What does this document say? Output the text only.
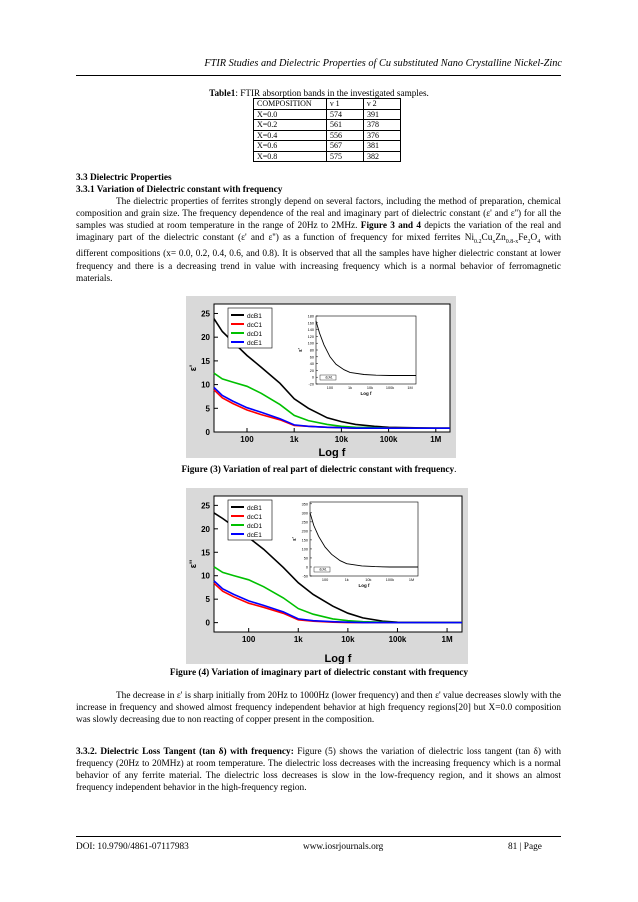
FTIR Studies and Dielectric Properties of Cu substituted Nano Crystalline Nickel-Zinc
Table1: FTIR absorption bands in the investigated samples.
COMPOSITION	ν 1	ν 2
X=0.0	574	391
X=0.2	561	378
X=0.4	556	376
X=0.6	567	381
X=0.8	575	382
3.3 Dielectric Properties
3.3.1 Variation of Dielectric constant with frequency
The dielectric properties of ferrites strongly depend on several factors, including the method of preparation, chemical composition and grain size. The frequency dependence of the real and imaginary part of dielectric constant (ε' and ε'') for all the samples was studied at room temperature in the range of 20Hz to 2MHz. Figure 3 and 4 depicts the variation of the real and imaginary part of the dielectric constant (ε' and ε'') as a function of frequency for mixed ferrites $Ni_{0.2}Cu_xZn_{0.8-x}Fe_2O_4$ with different compositions (x= 0.0, 0.2, 0.4, 0.6, and 0.8). It is observed that all the samples have higher dielectric constant at lower frequency and there is a decreasing trend in value with increasing frequency which is a normal behavior of ferromagnetic materials.
0
5
10
15
20
25
100	1k	10k	100k	1M
Log f
ε'
dcB1
dcC1
dcD1
dcE1
-20
0
20
40
60
80
100
120
140
160
180
100	1k	10k	100k	1M
Log f
ε'
dcA1
Figure (3) Variation of real part of dielectric constant with frequency.
0
5
10
15
20
25
100	1k	10k	100k	1M
Log f
ε''
dcB1
dcC1
dcD1
dcE1
-50
0
50
100
150
200
250
300
350
100	1k	10k	100k	1M
Log f
ε'
dcA1
Figure (4) Variation of imaginary part of dielectric constant with frequency
The decrease in ε' is sharp initially from 20Hz to 1000Hz (lower frequency) and then ε' value decreases slowly with the increase in frequency and showed almost frequency independent behavior at high frequency regions[20] but X=0.0 composition was slowly decreasing due to non reacting of copper present in the composition.
3.3.2. Dielectric Loss Tangent (tan δ) with frequency: Figure (5) shows the variation of dielectric loss tangent (tan δ) with frequency (20Hz to 20MHz) at room temperature. The dielectric loss decreases with the increasing frequency which is a normal behavior of any ferrite material. The dielectric loss decreases is slow in the low-frequency region, and it shows an almost frequency independent behavior in the high-frequency region.
DOI: 10.9790/4861-07117983	www.iosrjournals.org	81 | Page
